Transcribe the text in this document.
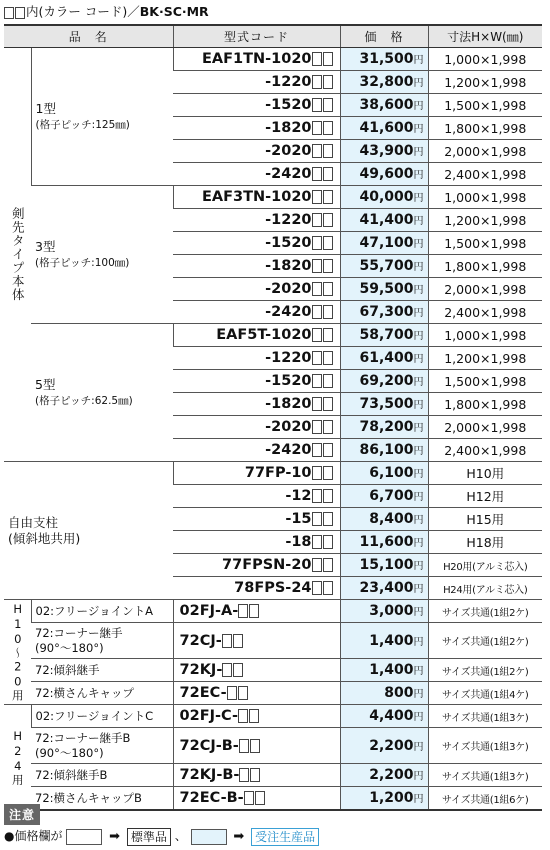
内(カラー コード)／BK·SC·MR
品　名		型式コード	価　格	寸法H×W(㎜)
剣先タイプ本体	1型
(格子ピッチ:125㎜)	EAF1TN-1020	31,500円	1,000×1,998
		-1220	32,800円	1,200×1,998
		-1520	38,600円	1,500×1,998
		-1820	41,600円	1,800×1,998
		-2020	43,900円	2,000×1,998
		-2420	49,600円	2,400×1,998

	3型
(格子ピッチ:100㎜)	EAF3TN-1020	40,000円	1,000×1,998
		-1220	41,400円	1,200×1,998
		-1520	47,100円	1,500×1,998
		-1820	55,700円	1,800×1,998
		-2020	59,500円	2,000×1,998
		-2420	67,300円	2,400×1,998

	5型
(格子ピッチ:62.5㎜)	EAF5T-1020	58,700円	1,000×1,998
		-1220	61,400円	1,200×1,998
		-1520	69,200円	1,500×1,998
		-1820	73,500円	1,800×1,998
		-2020	78,200円	2,000×1,998
		-2420	86,100円	2,400×1,998

自由支柱
(傾斜地共用)		77FP-10	6,100円	H10用
		-12	6,700円	H12用
		-15	8,400円	H15用
		-18	11,600円	H18用
		77FPSN-20	15,100円	H20用(アルミ芯入)
		78FPS-24	23,400円	H24用(アルミ芯入)
H10〜20用	02:フリージョイントA	02FJ-A-	3,000円	サイズ共通(1組2ケ)

	72:コーナー継手
(90°〜180°)	72CJ-	1,400円	サイズ共通(1組2ケ)

	72:傾斜継手	72KJ-	1,400円	サイズ共通(1組2ケ)

	72:横さんキャップ	72EC-	800円	サイズ共通(1組4ケ)
H24用	02:フリージョイントC	02FJ-C-	4,400円	サイズ共通(1組3ケ)

	72:コーナー継手B
(90°〜180°)	72CJ-B-	2,200円	サイズ共通(1組3ケ)

	72:傾斜継手B	72KJ-B-	2,200円	サイズ共通(1組3ケ)

	72:横さんキャップB	72EC-B-	1,200円	サイズ共通(1組6ケ)
注意
●価格欄が	➡ 標準品 、	➡ 受注生産品
